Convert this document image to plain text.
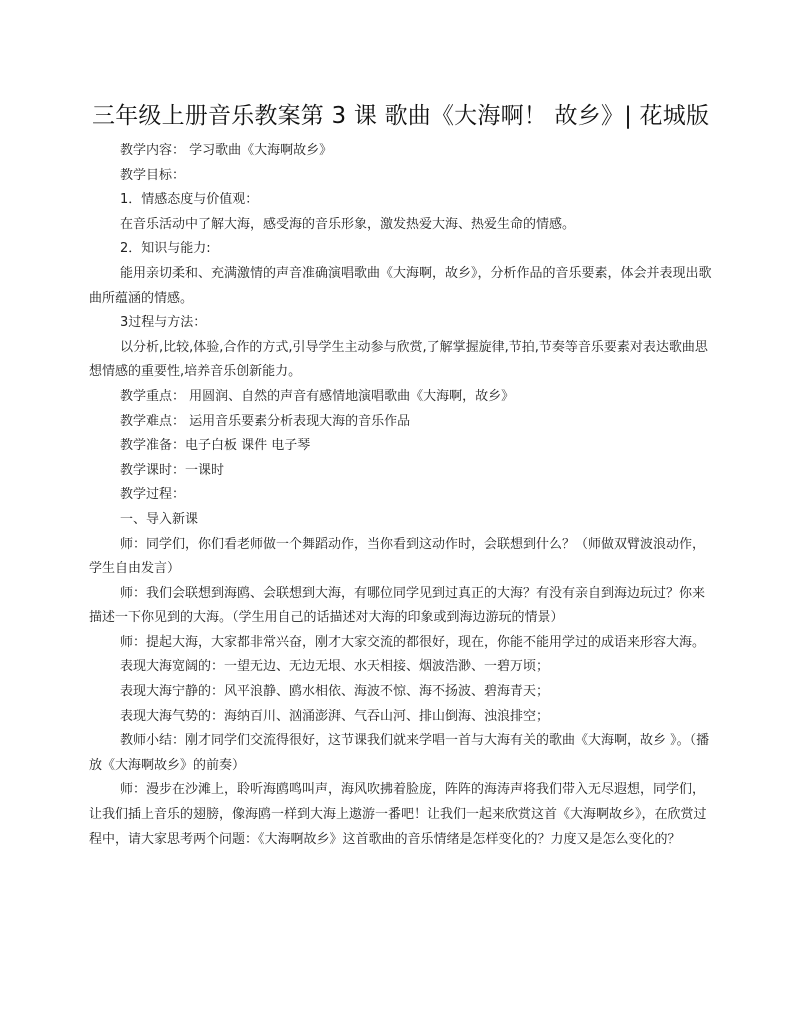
三年级上册音乐教案第 3 课 歌曲《大海啊！ 故乡》| 花城版
教学内容： 学习歌曲《大海啊故乡》
教学目标：
1．情感态度与价值观：
在音乐活动中了解大海，感受海的音乐形象，激发热爱大海、热爱生命的情感。
2．知识与能力:
能用亲切柔和、充满激情的声音准确演唱歌曲《大海啊，故乡》，分析作品的音乐要素，体会并表现出歌曲所蕴涵的情感。
3过程与方法：
以分析,比较,体验,合作的方式,引导学生主动参与欣赏,了解掌握旋律,节拍,节奏等音乐要素对表达歌曲思想情感的重要性,培养音乐创新能力。
教学重点： 用圆润、自然的声音有感情地演唱歌曲《大海啊，故乡》
教学难点： 运用音乐要素分析表现大海的音乐作品
教学准备：电子白板 课件 电子琴
教学课时：一课时
教学过程：
一、导入新课
师：同学们，你们看老师做一个舞蹈动作，当你看到这动作时，会联想到什么？（师做双臂波浪动作，学生自由发言）
师：我们会联想到海鸥、会联想到大海，有哪位同学见到过真正的大海？有没有亲自到海边玩过？你来描述一下你见到的大海。（学生用自己的话描述对大海的印象或到海边游玩的情景）
师：提起大海，大家都非常兴奋，刚才大家交流的都很好，现在，你能不能用学过的成语来形容大海。
表现大海宽阔的：一望无边、无边无垠、水天相接、烟波浩渺、一碧万顷；
表现大海宁静的：风平浪静、鸥水相依、海波不惊、海不扬波、碧海青天；
表现大海气势的：海纳百川、汹涌澎湃、气吞山河、排山倒海、浊浪排空；
教师小结：刚才同学们交流得很好，这节课我们就来学唱一首与大海有关的歌曲《大海啊，故乡 》。（播放《大海啊故乡》的前奏）
师：漫步在沙滩上，聆听海鸥鸣叫声，海风吹拂着脸庞，阵阵的海涛声将我们带入无尽遐想，同学们，让我们插上音乐的翅膀，像海鸥一样到大海上遨游一番吧！让我们一起来欣赏这首《大海啊故乡》，在欣赏过程中，请大家思考两个问题：《大海啊故乡》这首歌曲的音乐情绪是怎样变化的？力度又是怎么变化的？
